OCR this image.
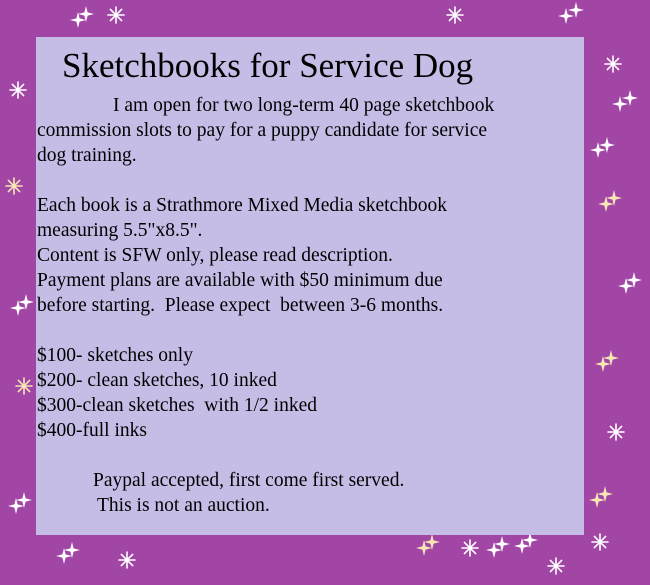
Sketchbooks for Service Dog
I am open for two long-term 40 page sketchbook
commission slots to pay for a puppy candidate for service
dog training.
Each book is a Strathmore Mixed Media sketchbook
measuring 5.5"x8.5".
Content is SFW only, please read description.
Payment plans are available with $50 minimum due
before starting.  Please expect  between 3-6 months.
$100- sketches only
$200- clean sketches, 10 inked
$300-clean sketches  with 1/2 inked
$400-full inks
Paypal accepted, first come first served.
This is not an auction.
